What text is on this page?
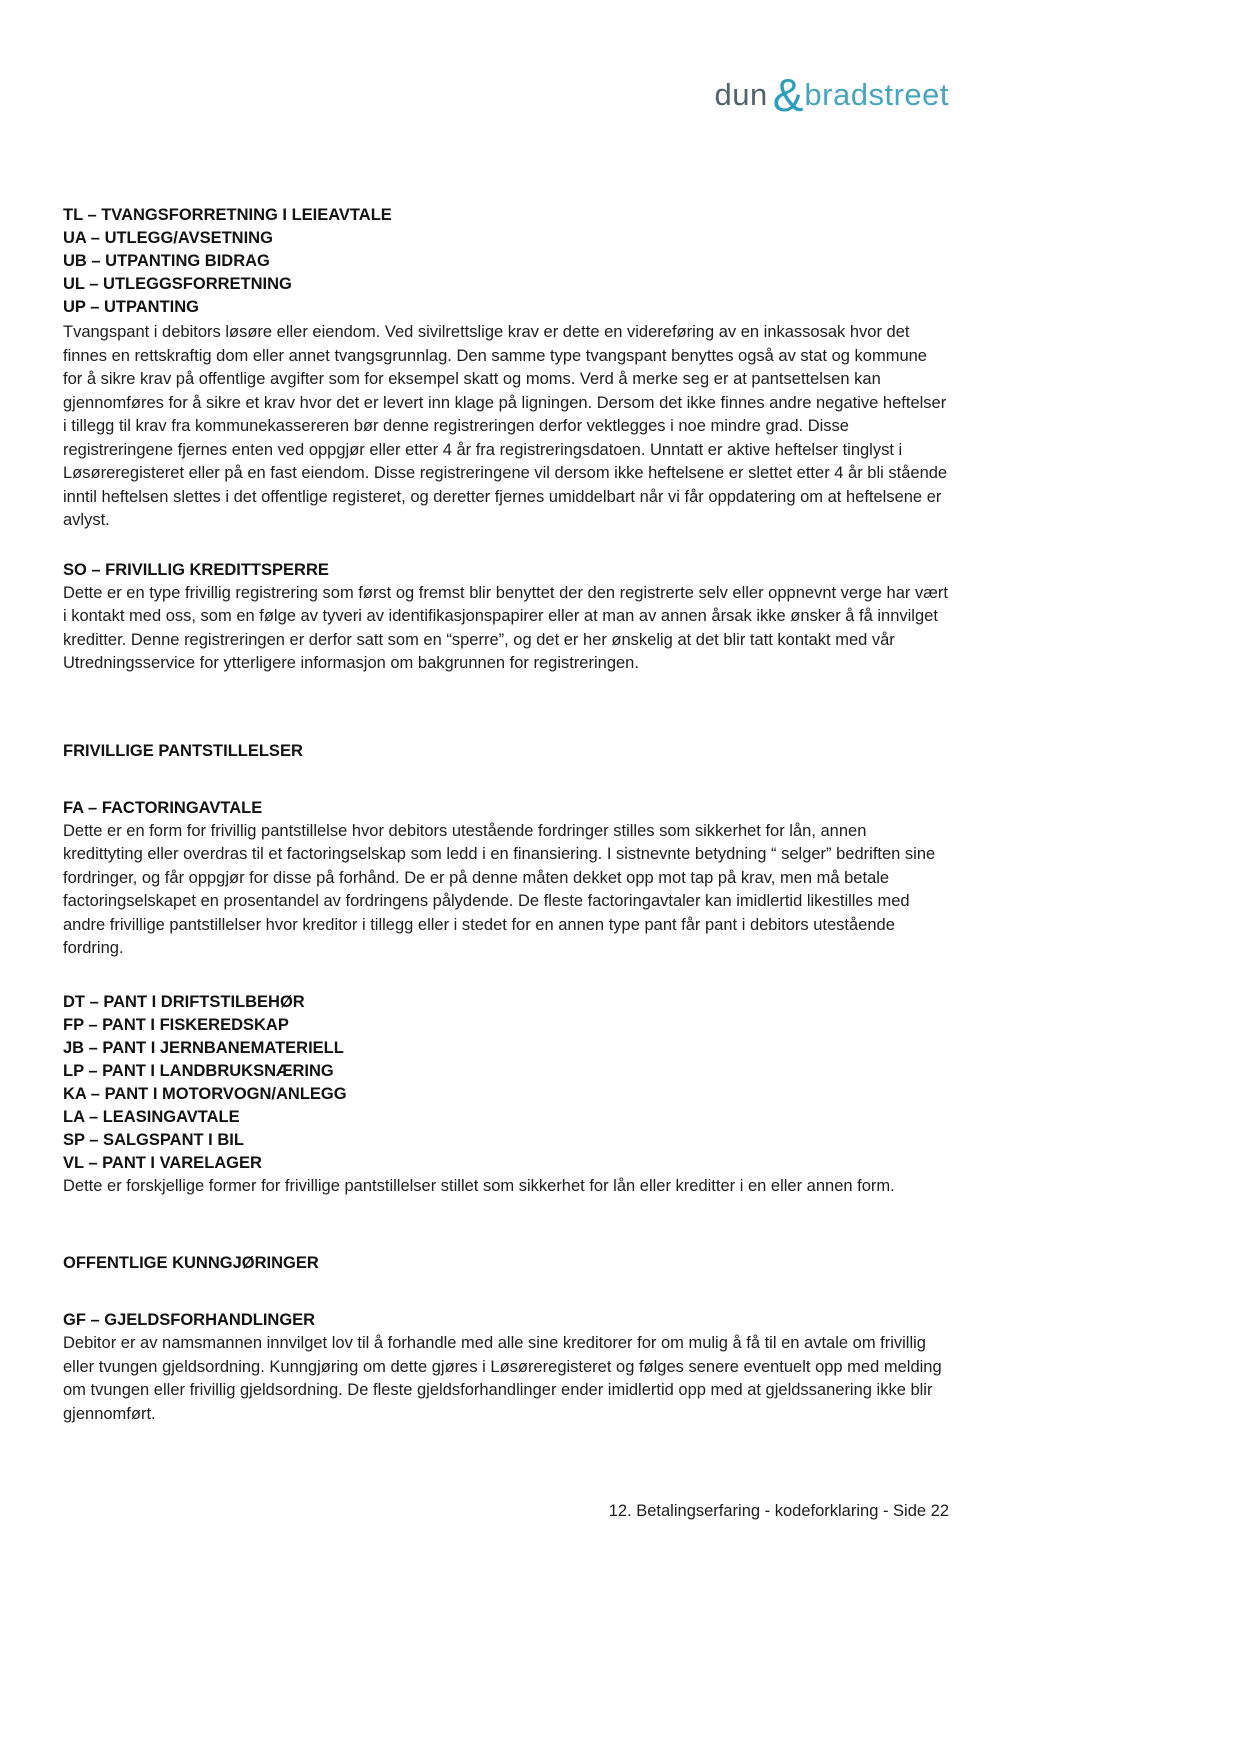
dun &bradstreet
TL – TVANGSFORRETNING I LEIEAVTALE
UA – UTLEGG/AVSETNING
UB – UTPANTING BIDRAG
UL – UTLEGGSFORRETNING
UP – UTPANTING

Tvangspant i debitors løsøre eller eiendom. Ved sivilrettslige krav er dette en videreføring av en inkassosak hvor det finnes en rettskraftig dom eller annet tvangsgrunnlag. Den samme type tvangspant benyttes også av stat og kommune for å sikre krav på offentlige avgifter som for eksempel skatt og moms. Verd å merke seg er at pantsettelsen kan gjennomføres for å sikre et krav hvor det er levert inn klage på ligningen. Dersom det ikke finnes andre negative heftelser i tillegg til krav fra kommunekassereren bør denne registreringen derfor vektlegges i noe mindre grad. Disse registreringene fjernes enten ved oppgjør eller etter 4 år fra registreringsdatoen. Unntatt er aktive heftelser tinglyst i Løsøreregisteret eller på en fast eiendom. Disse registreringene vil dersom ikke heftelsene er slettet etter 4 år bli stående inntil heftelsen slettes i det offentlige registeret, og deretter fjernes umiddelbart når vi får oppdatering om at heftelsene er avlyst.

SO – FRIVILLIG KREDITTSPERRE

Dette er en type frivillig registrering som først og fremst blir benyttet der den registrerte selv eller oppnevnt verge har vært i kontakt med oss, som en følge av tyveri av identifikasjonspapirer eller at man av annen årsak ikke ønsker å få innvilget kreditter. Denne registreringen er derfor satt som en “sperre”, og det er her ønskelig at det blir tatt kontakt med vår Utredningsservice for ytterligere informasjon om bakgrunnen for registreringen.

FRIVILLIGE PANTSTILLELSER
FA – FACTORINGAVTALE

Dette er en form for frivillig pantstillelse hvor debitors utestående fordringer stilles som sikkerhet for lån, annen kredittyting eller overdras til et factoringselskap som ledd i en finansiering. I sistnevnte betydning “ selger” bedriften sine fordringer, og får oppgjør for disse på forhånd. De er på denne måten dekket opp mot tap på krav, men må betale factoringselskapet en prosentandel av fordringens pålydende. De fleste factoringavtaler kan imidlertid likestilles med andre frivillige pantstillelser hvor kreditor i tillegg eller i stedet for en annen type pant får pant i debitors utestående fordring.

DT – PANT I DRIFTSTILBEHØR
FP – PANT I FISKEREDSKAP
JB – PANT I JERNBANEMATERIELL
LP – PANT I LANDBRUKSNÆRING
KA – PANT I MOTORVOGN/ANLEGG
LA – LEASINGAVTALE
SP – SALGSPANT I BIL
VL – PANT I VARELAGER

Dette er forskjellige former for frivillige pantstillelser stillet som sikkerhet for lån eller kreditter i en eller annen form.

OFFENTLIGE KUNNGJØRINGER
GF – GJELDSFORHANDLINGER

Debitor er av namsmannen innvilget lov til å forhandle med alle sine kreditorer for om mulig å få til en avtale om frivillig eller tvungen gjeldsordning. Kunngjøring om dette gjøres i Løsøreregisteret og følges senere eventuelt opp med melding om tvungen eller frivillig gjeldsordning. De fleste gjeldsforhandlinger ender imidlertid opp med at gjeldssanering ikke blir gjennomført.

12. Betalingserfaring - kodeforklaring - Side 22
